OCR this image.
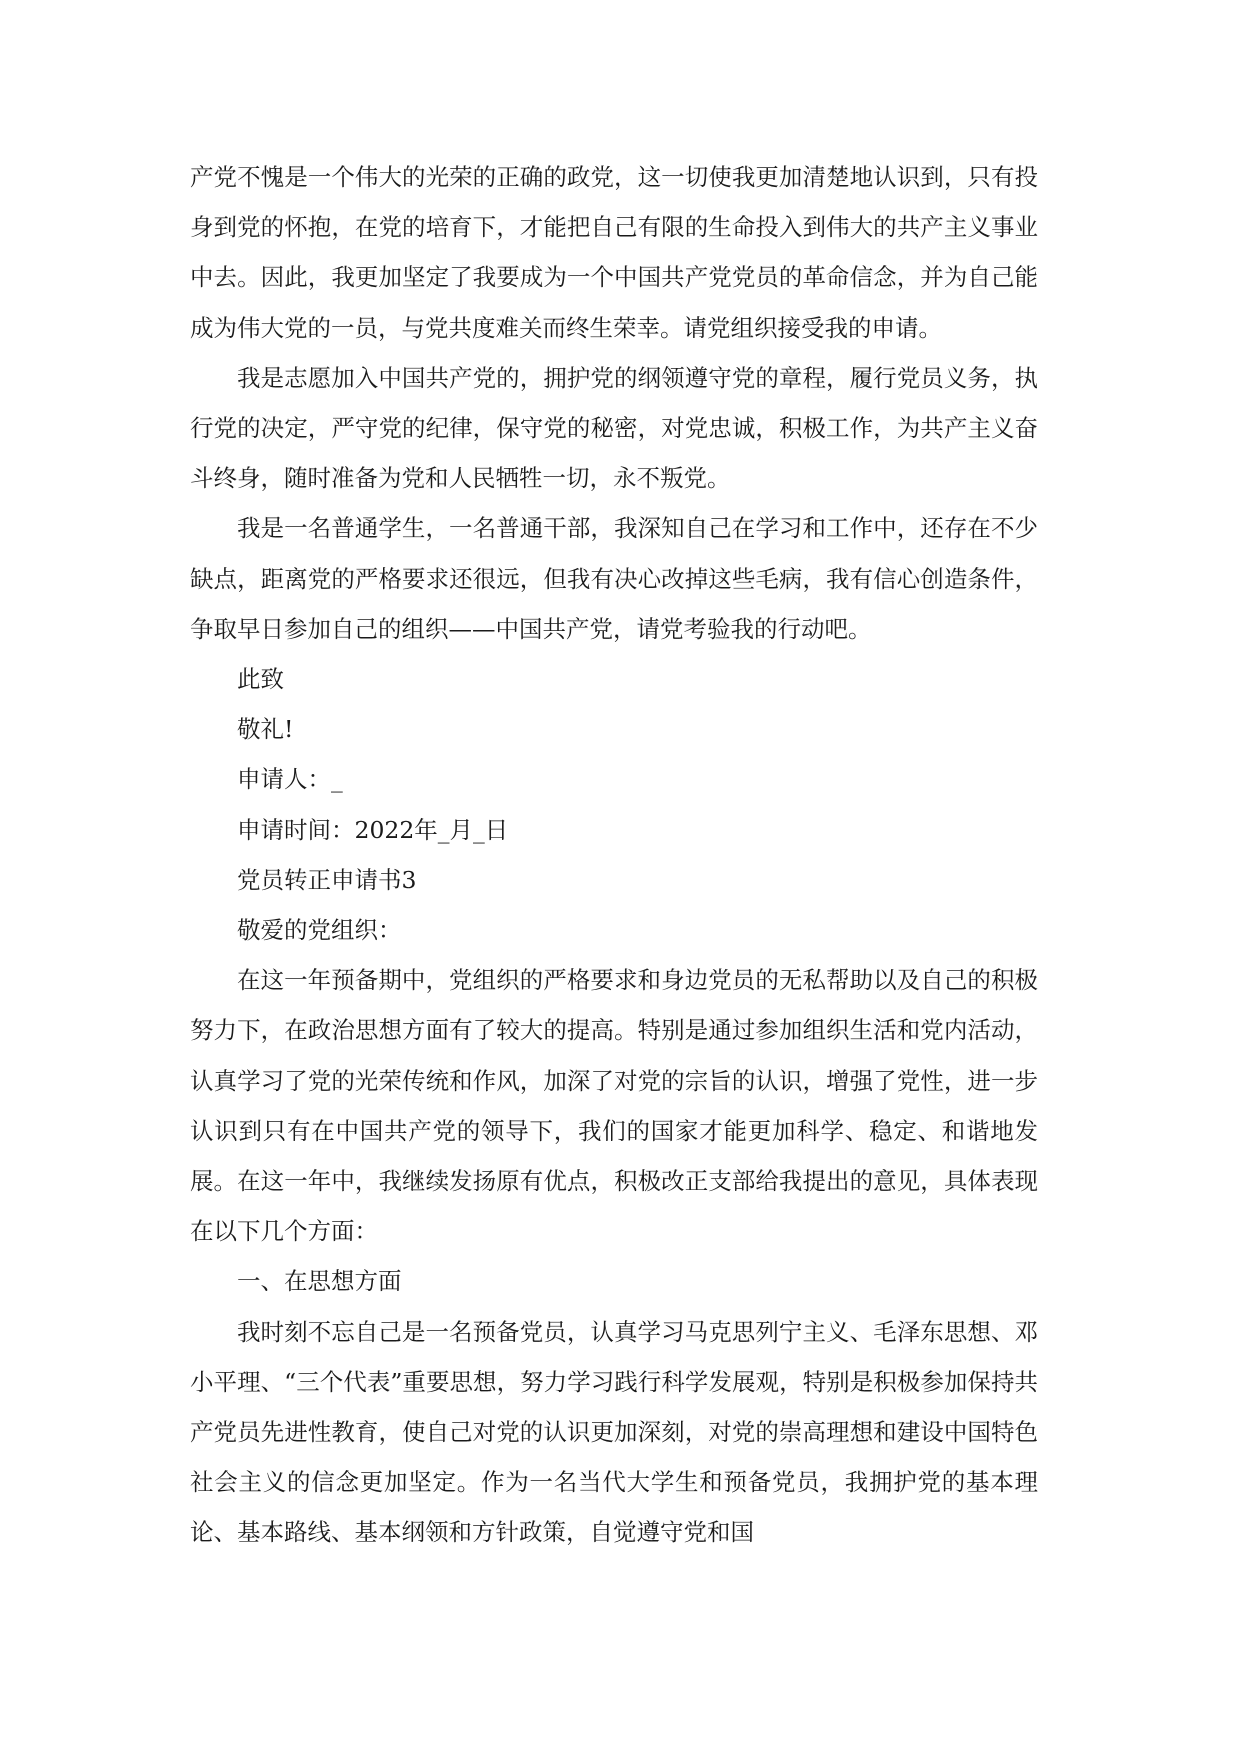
产党不愧是一个伟大的光荣的正确的政党，这一切使我更加清楚地认识到，只有投身到党的怀抱，在党的培育下，才能把自己有限的生命投入到伟大的共产主义事业中去。因此，我更加坚定了我要成为一个中国共产党党员的革命信念，并为自己能成为伟大党的一员，与党共度难关而终生荣幸。请党组织接受我的申请。

我是志愿加入中国共产党的，拥护党的纲领遵守党的章程，履行党员义务，执行党的决定，严守党的纪律，保守党的秘密，对党忠诚，积极工作，为共产主义奋斗终身，随时准备为党和人民牺牲一切，永不叛党。

我是一名普通学生，一名普通干部，我深知自己在学习和工作中，还存在不少缺点，距离党的严格要求还很远，但我有决心改掉这些毛病，我有信心创造条件，争取早日参加自己的组织——中国共产党，请党考验我的行动吧。

此致

敬礼!

申请人：_

申请时间：2022年_月_日

党员转正申请书3

敬爱的党组织：

在这一年预备期中，党组织的严格要求和身边党员的无私帮助以及自己的积极努力下，在政治思想方面有了较大的提高。特别是通过参加组织生活和党内活动，认真学习了党的光荣传统和作风，加深了对党的宗旨的认识，增强了党性，进一步认识到只有在中国共产党的领导下，我们的国家才能更加科学、稳定、和谐地发展。在这一年中，我继续发扬原有优点，积极改正支部给我提出的意见，具体表现在以下几个方面：

一、在思想方面

我时刻不忘自己是一名预备党员，认真学习马克思列宁主义、毛泽东思想、邓小平理、“三个代表”重要思想，努力学习践行科学发展观，特别是积极参加保持共产党员先进性教育，使自己对党的认识更加深刻，对党的崇高理想和建设中国特色社会主义的信念更加坚定。作为一名当代大学生和预备党员，我拥护党的基本理论、基本路线、基本纲领和方针政策，自觉遵守党和国
